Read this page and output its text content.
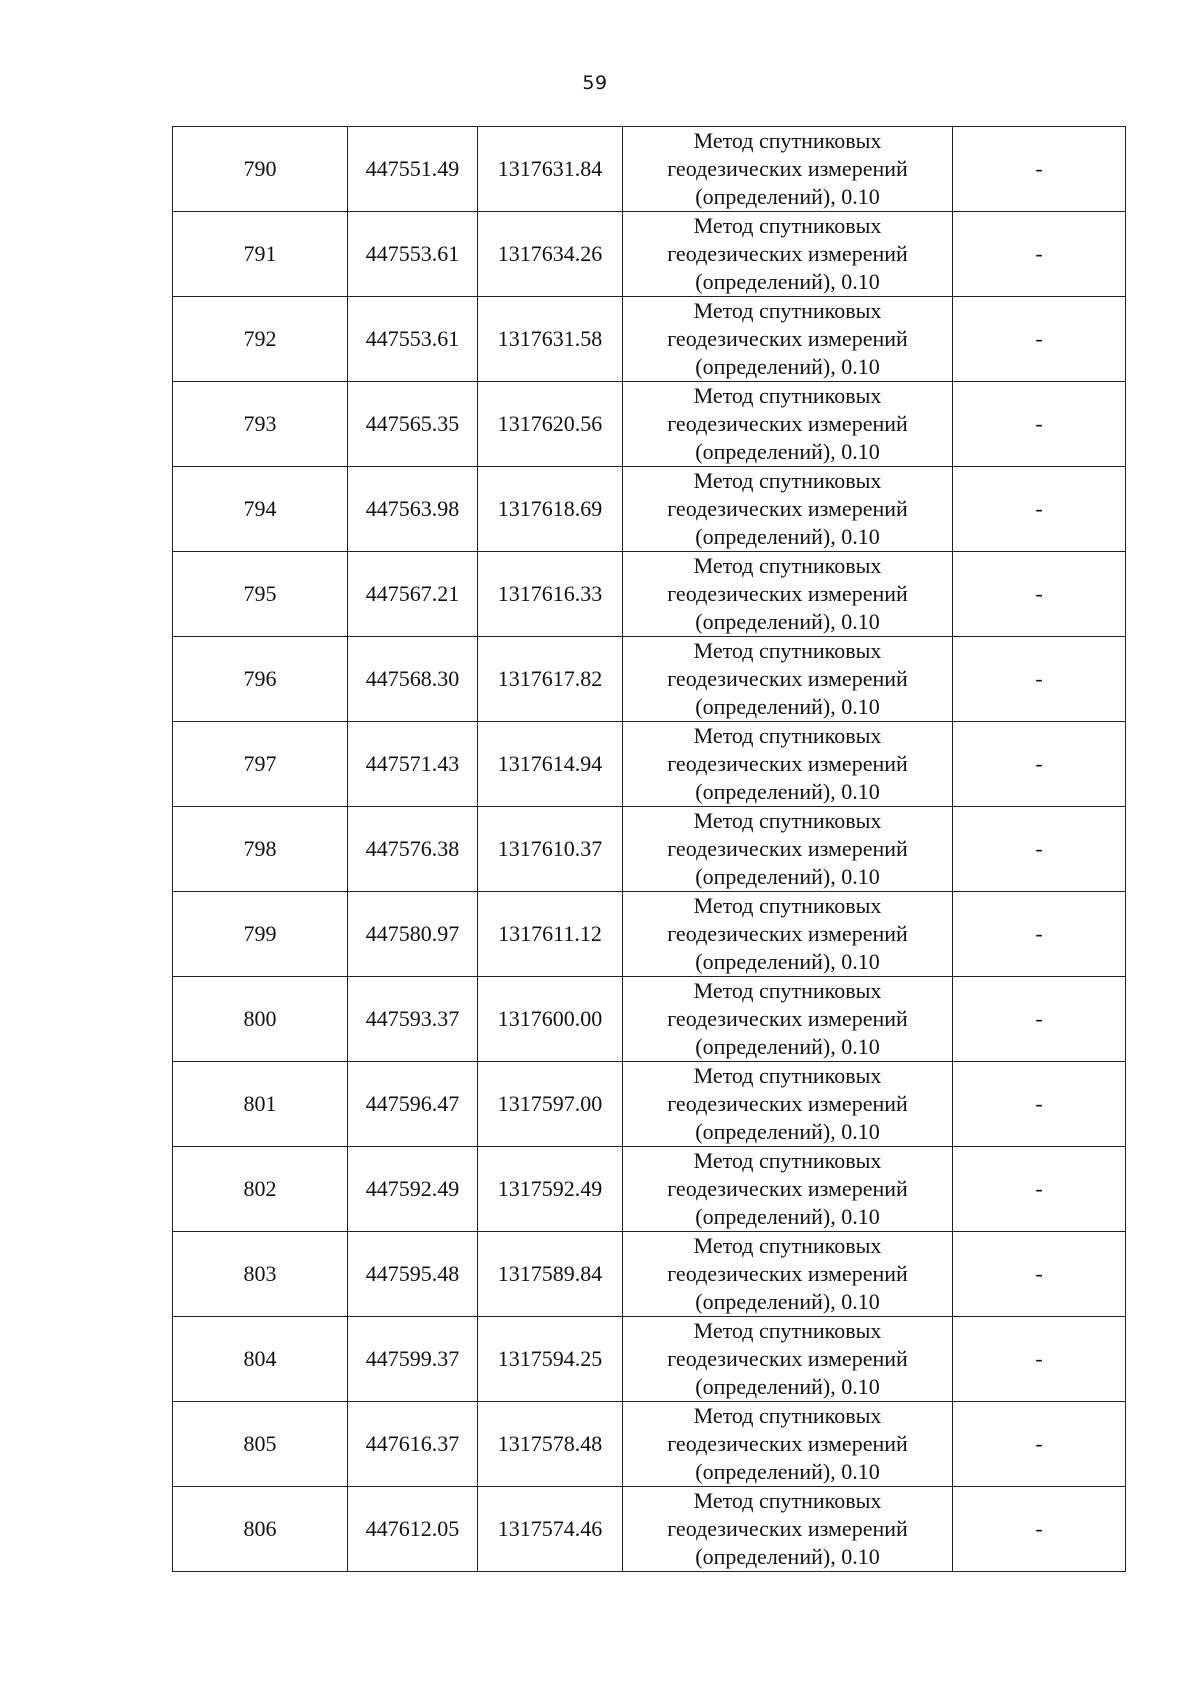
59
790	447551.49	1317631.84	Метод спутниковых
геодезических измерений
(определений), 0.10	-
791	447553.61	1317634.26	Метод спутниковых
геодезических измерений
(определений), 0.10	-
792	447553.61	1317631.58	Метод спутниковых
геодезических измерений
(определений), 0.10	-
793	447565.35	1317620.56	Метод спутниковых
геодезических измерений
(определений), 0.10	-
794	447563.98	1317618.69	Метод спутниковых
геодезических измерений
(определений), 0.10	-
795	447567.21	1317616.33	Метод спутниковых
геодезических измерений
(определений), 0.10	-
796	447568.30	1317617.82	Метод спутниковых
геодезических измерений
(определений), 0.10	-
797	447571.43	1317614.94	Метод спутниковых
геодезических измерений
(определений), 0.10	-
798	447576.38	1317610.37	Метод спутниковых
геодезических измерений
(определений), 0.10	-
799	447580.97	1317611.12	Метод спутниковых
геодезических измерений
(определений), 0.10	-
800	447593.37	1317600.00	Метод спутниковых
геодезических измерений
(определений), 0.10	-
801	447596.47	1317597.00	Метод спутниковых
геодезических измерений
(определений), 0.10	-
802	447592.49	1317592.49	Метод спутниковых
геодезических измерений
(определений), 0.10	-
803	447595.48	1317589.84	Метод спутниковых
геодезических измерений
(определений), 0.10	-
804	447599.37	1317594.25	Метод спутниковых
геодезических измерений
(определений), 0.10	-
805	447616.37	1317578.48	Метод спутниковых
геодезических измерений
(определений), 0.10	-
806	447612.05	1317574.46	Метод спутниковых
геодезических измерений
(определений), 0.10	-
